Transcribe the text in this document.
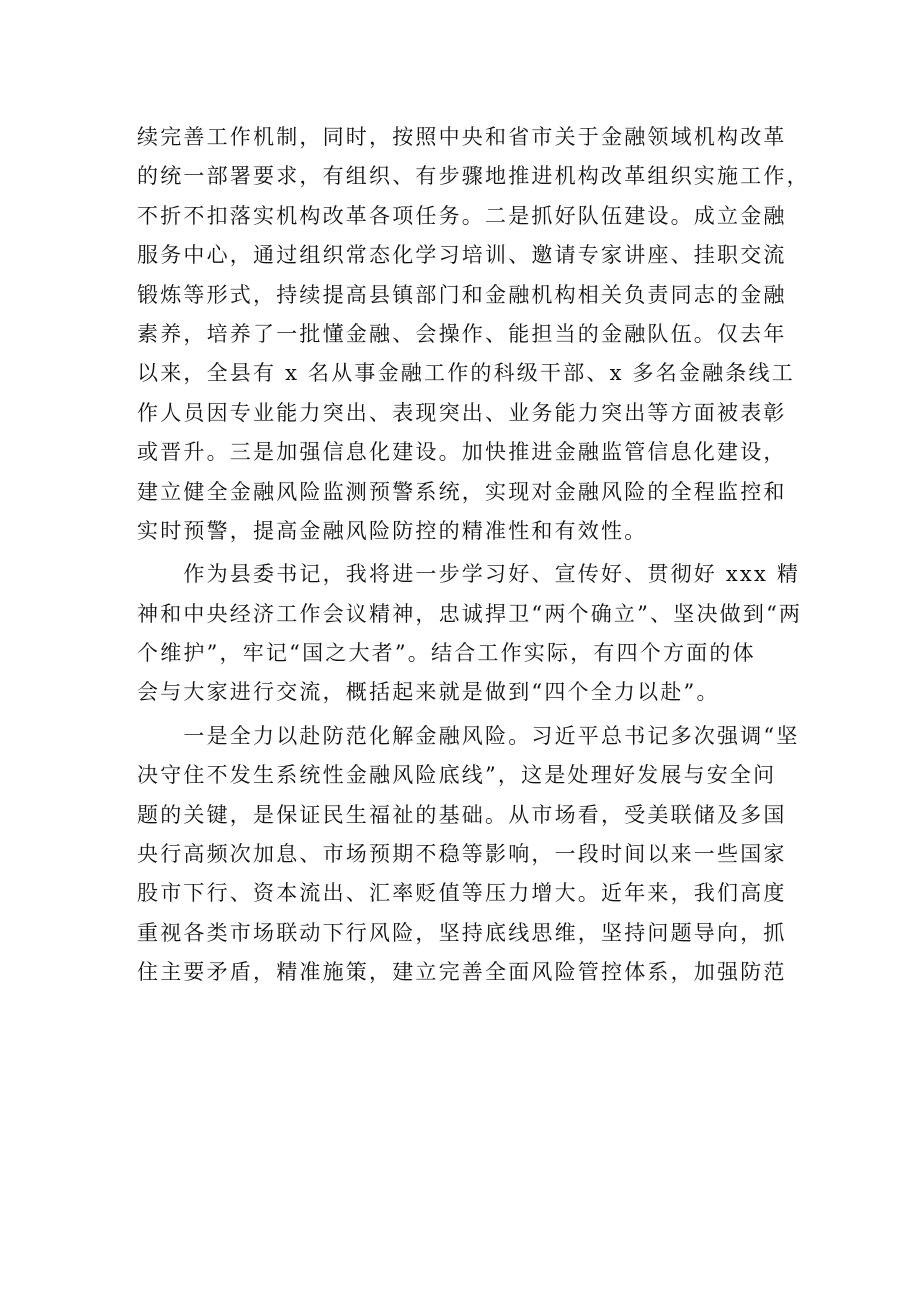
续完善工作机制，同时，按照中央和省市关于金融领域机构改革
的统一部署要求，有组织、有步骤地推进机构改革组织实施工作，
不折不扣落实机构改革各项任务。二是抓好队伍建设。成立金融
服务中心，通过组织常态化学习培训、邀请专家讲座、挂职交流
锻炼等形式，持续提高县镇部门和金融机构相关负责同志的金融
素养，培养了一批懂金融、会操作、能担当的金融队伍。仅去年
以来，全县有 x 名从事金融工作的科级干部、x 多名金融条线工
作人员因专业能力突出、表现突出、业务能力突出等方面被表彰
或晋升。三是加强信息化建设。加快推进金融监管信息化建设，
建立健全金融风险监测预警系统，实现对金融风险的全程监控和
实时预警，提高金融风险防控的精准性和有效性。
　　作为县委书记，我将进一步学习好、宣传好、贯彻好 xxx 精
神和中央经济工作会议精神，忠诚捍卫“两个确立”、坚决做到“两
个维护”，牢记“国之大者”。结合工作实际，有四个方面的体
会与大家进行交流，概括起来就是做到“四个全力以赴”。
　　一是全力以赴防范化解金融风险。习近平总书记多次强调“坚
决守住不发生系统性金融风险底线”，这是处理好发展与安全问
题的关键，是保证民生福祉的基础。从市场看，受美联储及多国
央行高频次加息、市场预期不稳等影响，一段时间以来一些国家
股市下行、资本流出、汇率贬值等压力增大。近年来，我们高度
重视各类市场联动下行风险，坚持底线思维，坚持问题导向，抓
住主要矛盾，精准施策，建立完善全面风险管控体系，加强防范
